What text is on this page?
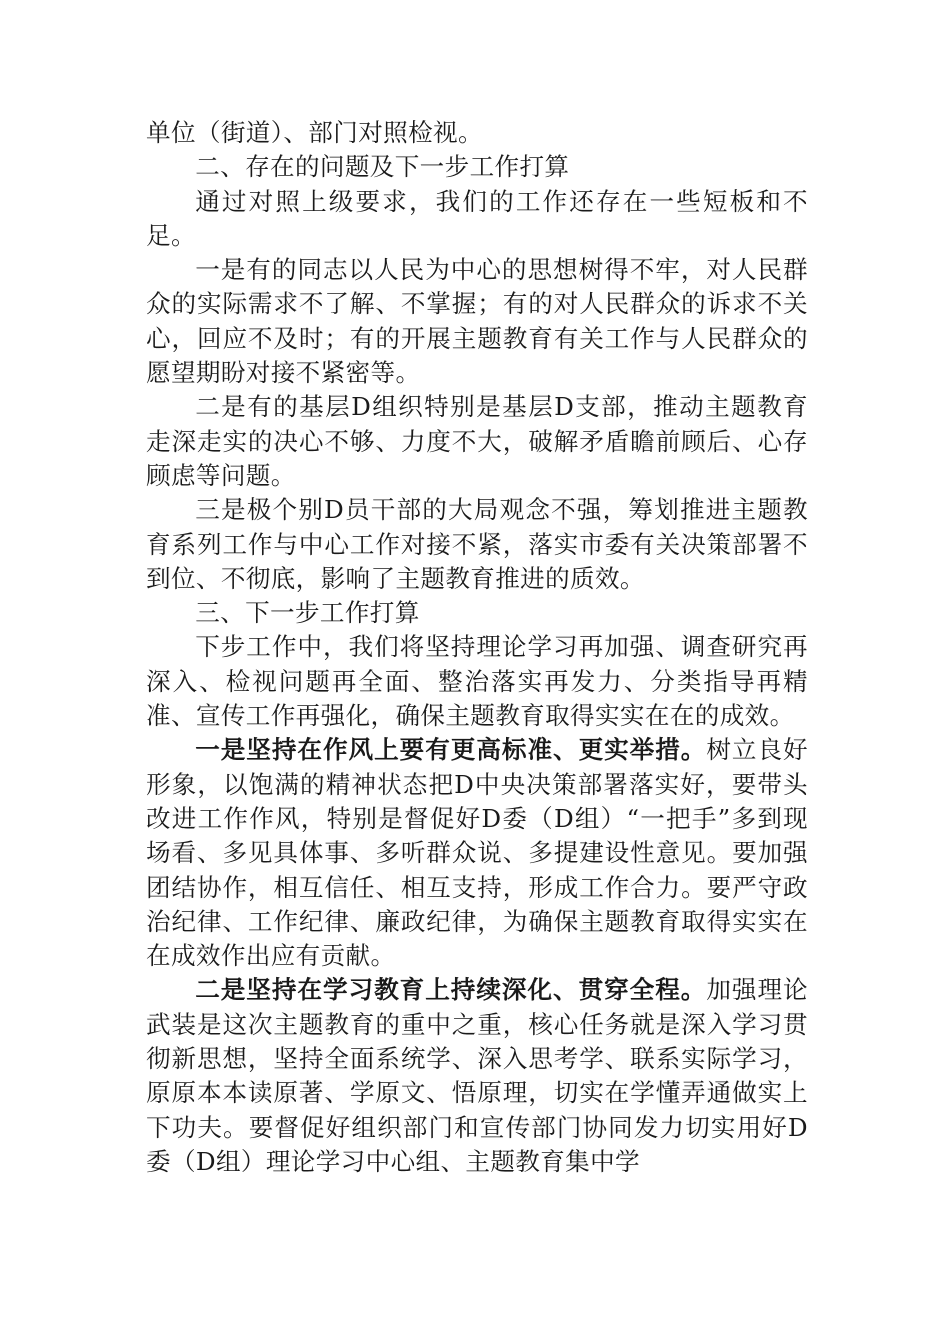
单位（街道）、部门对照检视。

二、存在的问题及下一步工作打算

通过对照上级要求，我们的工作还存在一些短板和不足。

一是有的同志以人民为中心的思想树得不牢，对人民群众的实际需求不了解、不掌握；有的对人民群众的诉求不关心，回应不及时；有的开展主题教育有关工作与人民群众的愿望期盼对接不紧密等。

二是有的基层D组织特别是基层D支部，推动主题教育走深走实的决心不够、力度不大，破解矛盾瞻前顾后、心存顾虑等问题。

三是极个别D员干部的大局观念不强，筹划推进主题教育系列工作与中心工作对接不紧，落实市委有关决策部署不到位、不彻底，影响了主题教育推进的质效。

三、下一步工作打算

下步工作中，我们将坚持理论学习再加强、调查研究再深入、检视问题再全面、整治落实再发力、分类指导再精准、宣传工作再强化，确保主题教育取得实实在在的成效。

一是坚持在作风上要有更高标准、更实举措。树立良好形象，以饱满的精神状态把D中央决策部署落实好，要带头改进工作作风，特别是督促好D委（D组）“一把手”多到现场看、多见具体事、多听群众说、多提建设性意见。要加强团结协作，相互信任、相互支持，形成工作合力。要严守政治纪律、工作纪律、廉政纪律，为确保主题教育取得实实在在成效作出应有贡献。

二是坚持在学习教育上持续深化、贯穿全程。加强理论武装是这次主题教育的重中之重，核心任务就是深入学习贯彻新思想，坚持全面系统学、深入思考学、联系实际学习，原原本本读原著、学原文、悟原理，切实在学懂弄通做实上下功夫。要督促好组织部门和宣传部门协同发力切实用好D委（D组）理论学习中心组、主题教育集中学
